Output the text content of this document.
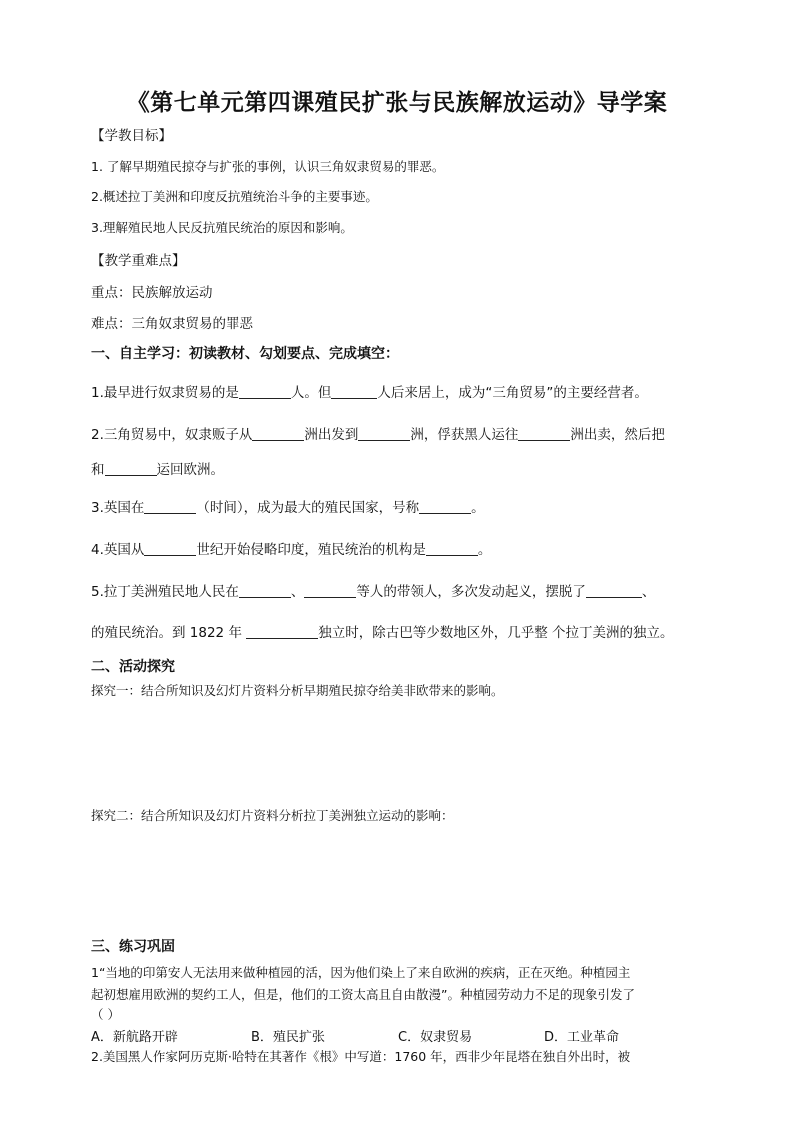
《第七单元第四课殖民扩张与民族解放运动》导学案
【学教目标】
1. 了解早期殖民掠夺与扩张的事例，认识三角奴隶贸易的罪恶。
2.概述拉丁美洲和印度反抗殖统治斗争的主要事迹。
3.理解殖民地人民反抗殖民统治的原因和影响。
【教学重难点】
重点：民族解放运动
难点：三角奴隶贸易的罪恶
一、自主学习：初读教材、勾划要点、完成填空：
1.最早进行奴隶贸易的是	人。但	人后来居上，成为“三角贸易”的主要经营者。
2.三角贸易中，奴隶贩子从	洲出发到	洲，俘获黑人运往	洲出卖，然后把
和	运回欧洲。
3.英国在	（时间），成为最大的殖民国家，号称	。
4.英国从	世纪开始侵略印度，殖民统治的机构是	。
5.拉丁美洲殖民地人民在	、	等人的带领人，多次发动起义，摆脱了	、
的殖民统治。到 1822 年	独立时，除古巴等少数地区外，几乎整 个拉丁美洲的独立。
二、活动探究
探究一：结合所知识及幻灯片资料分析早期殖民掠夺给美非欧带来的影响。
探究二：结合所知识及幻灯片资料分析拉丁美洲独立运动的影响：
三、练习巩固
1“当地的印第安人无法用来做种植园的活，因为他们染上了来自欧洲的疾病，正在灭绝。种植园主
起初想雇用欧洲的契约工人，但是，他们的工资太高且自由散漫”。种植园劳动力不足的现象引发了
（ ）
A．新航路开辟	B．殖民扩张	C．奴隶贸易	D．工业革命
2.美国黑人作家阿历克斯·哈特在其著作《根》中写道：1760 年，西非少年昆塔在独自外出时，被
